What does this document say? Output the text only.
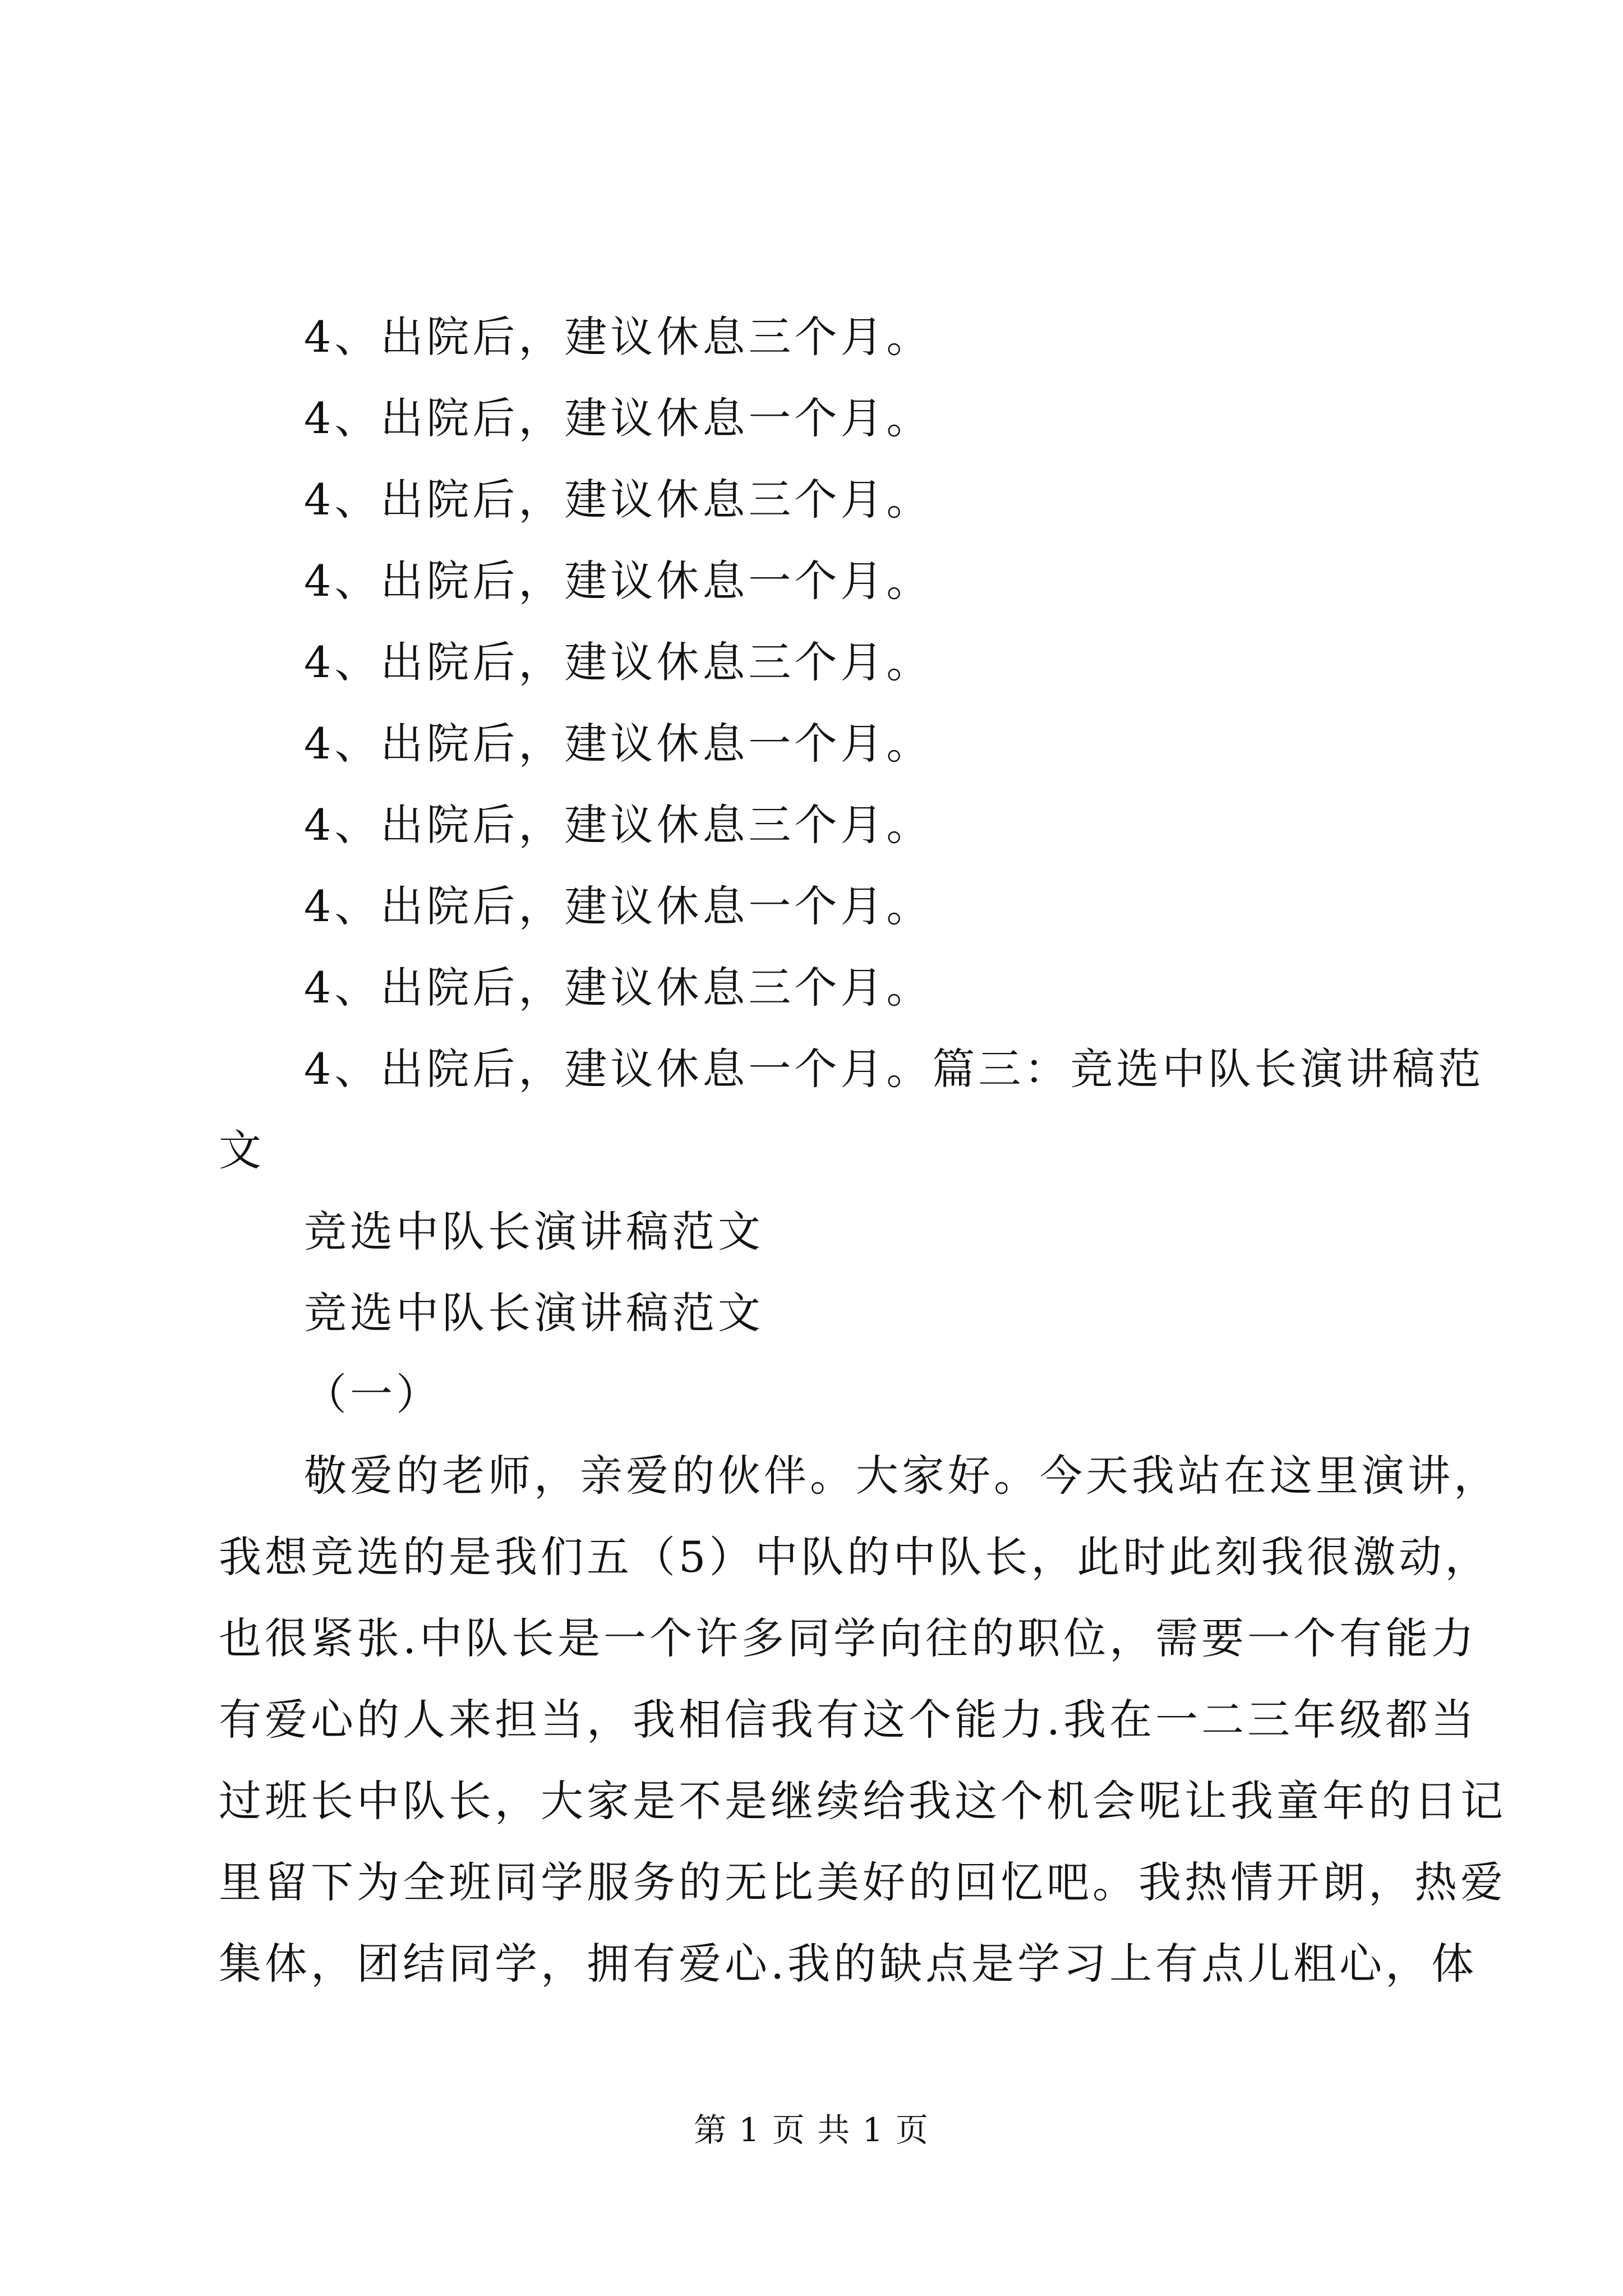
4、出院后，建议休息三个月。
4、出院后，建议休息一个月。
4、出院后，建议休息三个月。
4、出院后，建议休息一个月。
4、出院后，建议休息三个月。
4、出院后，建议休息一个月。
4、出院后，建议休息三个月。
4、出院后，建议休息一个月。
4、出院后，建议休息三个月。
4、出院后，建议休息一个月。篇三：竞选中队长演讲稿范
文
竞选中队长演讲稿范文
竞选中队长演讲稿范文
（一）
敬爱的老师，亲爱的伙伴。大家好。今天我站在这里演讲，
我想竞选的是我们五（5）中队的中队长，此时此刻我很激动，
也很紧张.中队长是一个许多同学向往的职位，需要一个有能力
有爱心的人来担当，我相信我有这个能力.我在一二三年级都当
过班长中队长，大家是不是继续给我这个机会呢让我童年的日记
里留下为全班同学服务的无比美好的回忆吧。我热情开朗，热爱
集体，团结同学，拥有爱心.我的缺点是学习上有点儿粗心，体
第 1 页 共 1 页
